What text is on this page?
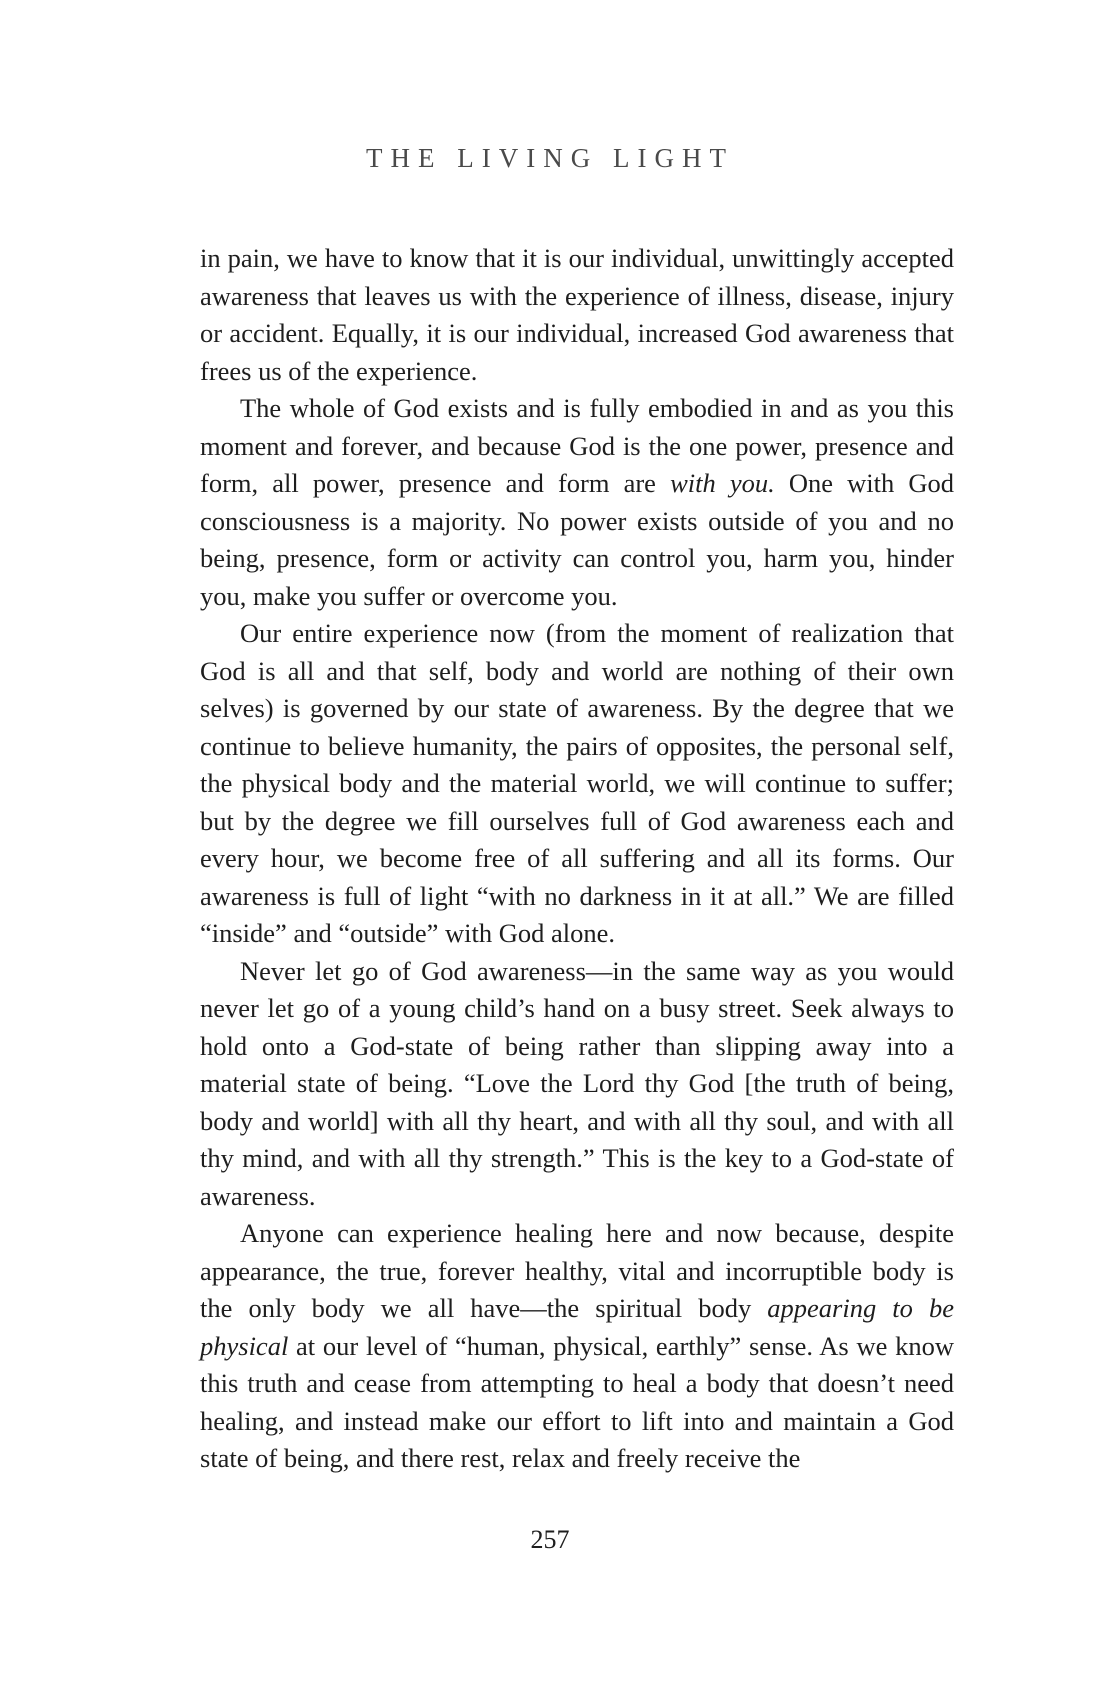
THE LIVING LIGHT

in pain, we have to know that it is our individual, unwittingly accepted awareness that leaves us with the experience of illness, disease, injury or accident. Equally, it is our individual, increased God awareness that frees us of the experience.

The whole of God exists and is fully embodied in and as you this moment and forever, and because God is the one power, presence and form, all power, presence and form are with you. One with God consciousness is a majority. No power exists outside of you and no being, presence, form or activity can control you, harm you, hinder you, make you suffer or overcome you.

Our entire experience now (from the moment of realization that God is all and that self, body and world are nothing of their own selves) is governed by our state of awareness. By the degree that we continue to believe humanity, the pairs of opposites, the personal self, the physical body and the material world, we will continue to suffer; but by the degree we fill ourselves full of God awareness each and every hour, we become free of all suffering and all its forms. Our awareness is full of light “with no darkness in it at all.” We are filled “inside” and “outside” with God alone.

Never let go of God awareness—in the same way as you would never let go of a young child’s hand on a busy street. Seek always to hold onto a God-state of being rather than slipping away into a material state of being. “Love the Lord thy God [the truth of being, body and world] with all thy heart, and with all thy soul, and with all thy mind, and with all thy strength.” This is the key to a God-state of awareness.

Anyone can experience healing here and now because, despite appearance, the true, forever healthy, vital and incorruptible body is the only body we all have—the spiritual body appearing to be physical at our level of “human, physical, earthly” sense. As we know this truth and cease from attempting to heal a body that doesn’t need healing, and instead make our effort to lift into and maintain a God state of being, and there rest, relax and freely receive the

257
